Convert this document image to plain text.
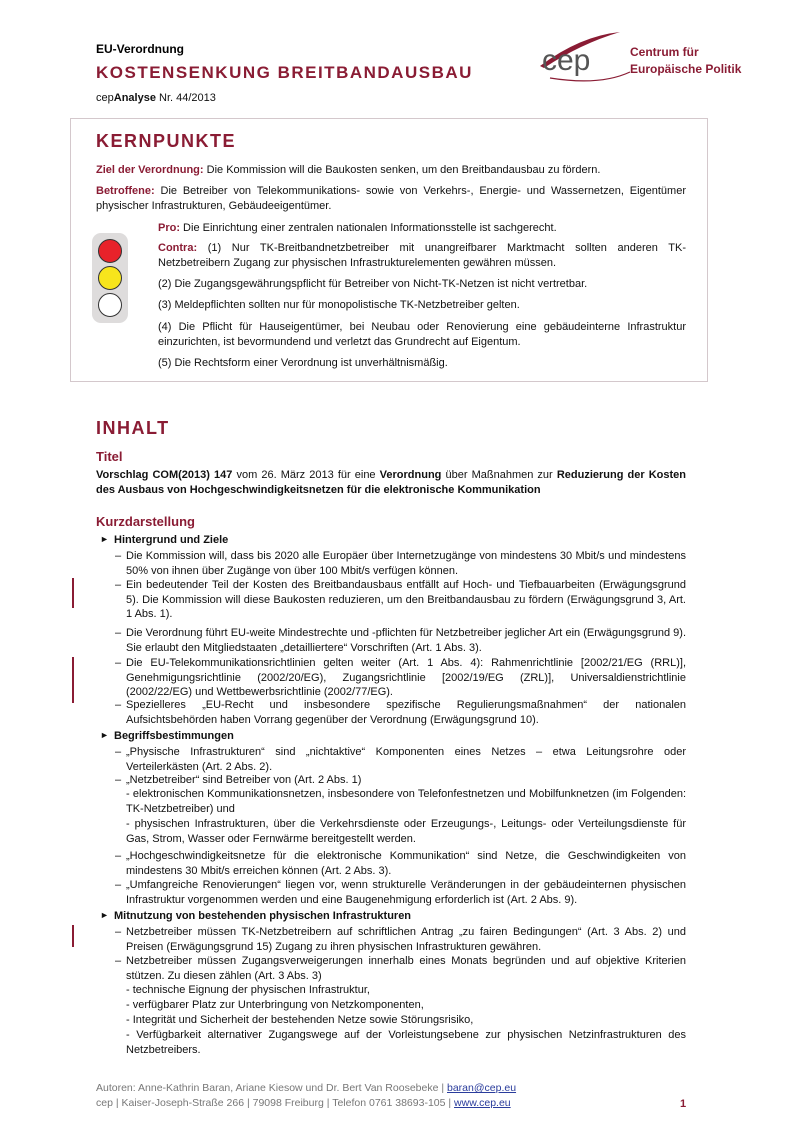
EU-Verordnung
KOSTENSENKUNG BREITBANDAUSBAU
cepAnalyse Nr. 44/2013
cep	Centrum für
Europäische Politik
KERNPUNKTE
Ziel der Verordnung: Die Kommission will die Baukosten senken, um den Breitbandausbau zu fördern.
Betroffene: Die Betreiber von Telekommunikations- sowie von Verkehrs-, Energie- und Wassernetzen, Eigentümer physischer Infrastrukturen, Gebäudeeigentümer.
Pro: Die Einrichtung einer zentralen nationalen Informationsstelle ist sachgerecht.
Contra: (1) Nur TK-Breitbandnetzbetreiber mit unangreifbarer Marktmacht sollten anderen TK-Netzbetreibern Zugang zur physischen Infrastrukturelementen gewähren müssen.
(2) Die Zugangsgewährungspflicht für Betreiber von Nicht-TK-Netzen ist nicht vertretbar.
(3) Meldepflichten sollten nur für monopolistische TK-Netzbetreiber gelten.
(4) Die Pflicht für Hauseigentümer, bei Neubau oder Renovierung eine gebäudeinterne Infrastruktur einzurichten, ist bevormundend und verletzt das Grundrecht auf Eigentum.
(5) Die Rechtsform einer Verordnung ist unverhältnismäßig.
INHALT
Titel
Vorschlag COM(2013) 147 vom 26. März 2013 für eine Verordnung über Maßnahmen zur Reduzierung der Kosten des Ausbaus von Hochgeschwindigkeitsnetzen für die elektronische Kommunikation
Kurzdarstellung
► Hintergrund und Ziele
– Die Kommission will, dass bis 2020 alle Europäer über Internetzugänge von mindestens 30 Mbit/s und mindestens 50% von ihnen über Zugänge von über 100 Mbit/s verfügen können.
– Ein bedeutender Teil der Kosten des Breitbandausbaus entfällt auf Hoch- und Tiefbauarbeiten (Erwägungsgrund 5). Die Kommission will diese Baukosten reduzieren, um den Breitbandausbau zu fördern (Erwägungsgrund 3, Art. 1 Abs. 1).
– Die Verordnung führt EU-weite Mindestrechte und -pflichten für Netzbetreiber jeglicher Art ein (Erwägungsgrund 9). Sie erlaubt den Mitgliedstaaten „detailliertere“ Vorschriften (Art. 1 Abs. 3).
– Die EU-Telekommunikationsrichtlinien gelten weiter (Art. 1 Abs. 4): Rahmenrichtlinie [2002/21/EG (RRL)], Genehmigungsrichtlinie (2002/20/EG), Zugangsrichtlinie [2002/19/EG (ZRL)], Universaldienstrichtlinie (2002/22/EG) und Wettbewerbsrichtlinie (2002/77/EG).
– Spezielleres „EU-Recht und insbesondere spezifische Regulierungsmaßnahmen“ der nationalen Aufsichtsbehörden haben Vorrang gegenüber der Verordnung (Erwägungsgrund 10).
► Begriffsbestimmungen
– „Physische Infrastrukturen“ sind „nichtaktive“ Komponenten eines Netzes – etwa Leitungsrohre oder Verteilerkästen (Art. 2 Abs. 2).
– „Netzbetreiber“ sind Betreiber von (Art. 2 Abs. 1)
- elektronischen Kommunikationsnetzen, insbesondere von Telefonfestnetzen und Mobilfunknetzen (im Folgenden: TK-Netzbetreiber) und
- physischen Infrastrukturen, über die Verkehrsdienste oder Erzeugungs-, Leitungs- oder Verteilungsdienste für Gas, Strom, Wasser oder Fernwärme bereitgestellt werden.
– „Hochgeschwindigkeitsnetze für die elektronische Kommunikation“ sind Netze, die Geschwindigkeiten von mindestens 30 Mbit/s erreichen können (Art. 2 Abs. 3).
– „Umfangreiche Renovierungen“ liegen vor, wenn strukturelle Veränderungen in der gebäudeinternen physischen Infrastruktur vorgenommen werden und eine Baugenehmigung erforderlich ist (Art. 2 Abs. 9).
► Mitnutzung von bestehenden physischen Infrastrukturen
– Netzbetreiber müssen TK-Netzbetreibern auf schriftlichen Antrag „zu fairen Bedingungen“ (Art. 3 Abs. 2) und Preisen (Erwägungsgrund 15) Zugang zu ihren physischen Infrastrukturen gewähren.
– Netzbetreiber müssen Zugangsverweigerungen innerhalb eines Monats begründen und auf objektive Kriterien stützen. Zu diesen zählen (Art. 3 Abs. 3)
- technische Eignung der physischen Infrastruktur,
- verfügbarer Platz zur Unterbringung von Netzkomponenten,
- Integrität und Sicherheit der bestehenden Netze sowie Störungsrisiko,
- Verfügbarkeit alternativer Zugangswege auf der Vorleistungsebene zur physischen Netzinfrastrukturen des Netzbetreibers.
Autoren: Anne-Kathrin Baran, Ariane Kiesow und Dr. Bert Van Roosebeke | baran@cep.eu
cep | Kaiser-Joseph-Straße 266 | 79098 Freiburg | Telefon 0761 38693-105 | www.cep.eu	1
